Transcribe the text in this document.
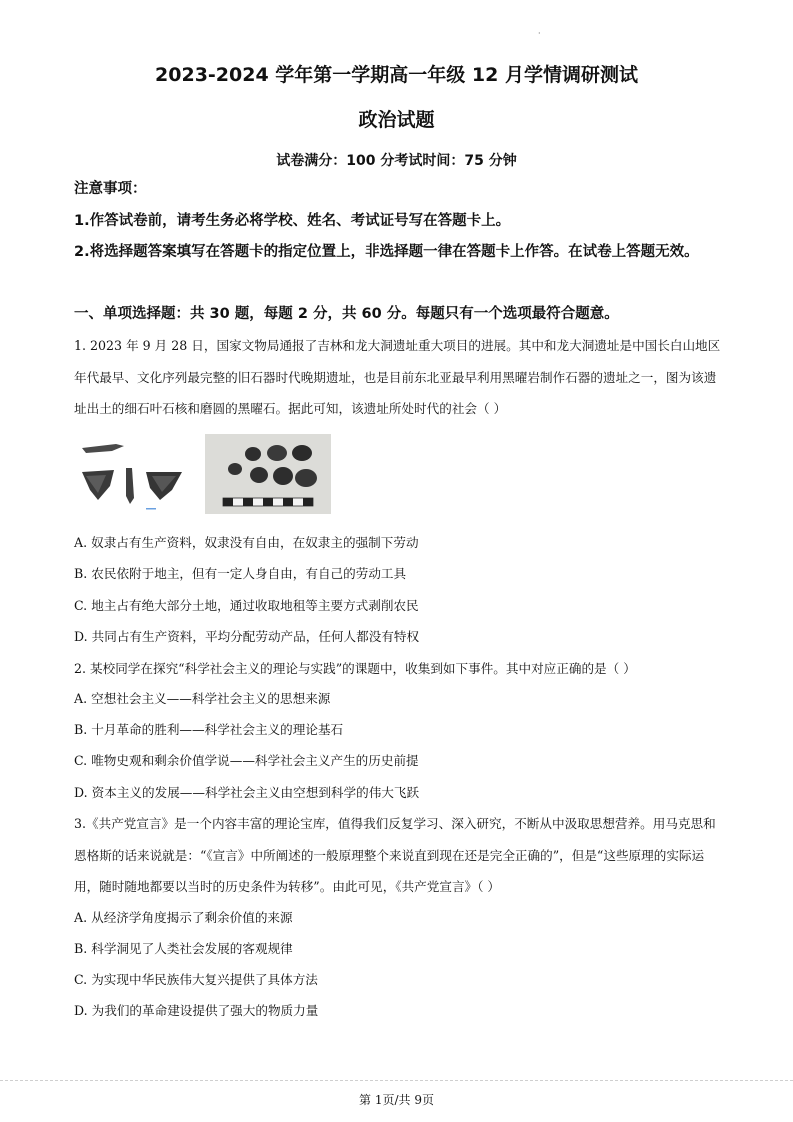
·
2023-2024 学年第一学期高一年级 12 月学情调研测试
政治试题
试卷满分：100 分考试时间：75 分钟
注意事项：
1.作答试卷前，请考生务必将学校、姓名、考试证号写在答题卡上。
2.将选择题答案填写在答题卡的指定位置上，非选择题一律在答题卡上作答。在试卷上答题无效。
一、单项选择题：共 30 题，每题 2 分，共 60 分。每题只有一个选项最符合题意。
1. 2023 年 9 月 28 日，国家文物局通报了吉林和龙大洞遗址重大项目的进展。其中和龙大洞遗址是中国长白山地区年代最早、文化序列最完整的旧石器时代晚期遗址，也是目前东北亚最早利用黑曜岩制作石器的遗址之一，图为该遗址出土的细石叶石核和磨圆的黑曜石。据此可知，该遗址所处时代的社会（ ）
A. 奴隶占有生产资料，奴隶没有自由，在奴隶主的强制下劳动
B. 农民依附于地主，但有一定人身自由，有自己的劳动工具
C. 地主占有绝大部分土地，通过收取地租等主要方式剥削农民
D. 共同占有生产资料，平均分配劳动产品，任何人都没有特权
2. 某校同学在探究“科学社会主义的理论与实践”的课题中，收集到如下事件。其中对应正确的是（ ）
A. 空想社会主义——科学社会主义的思想来源
B. 十月革命的胜利——科学社会主义的理论基石
C. 唯物史观和剩余价值学说——科学社会主义产生的历史前提
D. 资本主义的发展——科学社会主义由空想到科学的伟大飞跃
3.《共产党宣言》是一个内容丰富的理论宝库，值得我们反复学习、深入研究，不断从中汲取思想营养。用马克思和恩格斯的话来说就是：“《宣言》中所阐述的一般原理整个来说直到现在还是完全正确的”，但是“这些原理的实际运用，随时随地都要以当时的历史条件为转移”。由此可见，《共产党宣言》（ ）
A. 从经济学角度揭示了剩余价值的来源
B. 科学洞见了人类社会发展的客观规律
C. 为实现中华民族伟大复兴提供了具体方法
D. 为我们的革命建设提供了强大的物质力量
第 1页/共 9页
